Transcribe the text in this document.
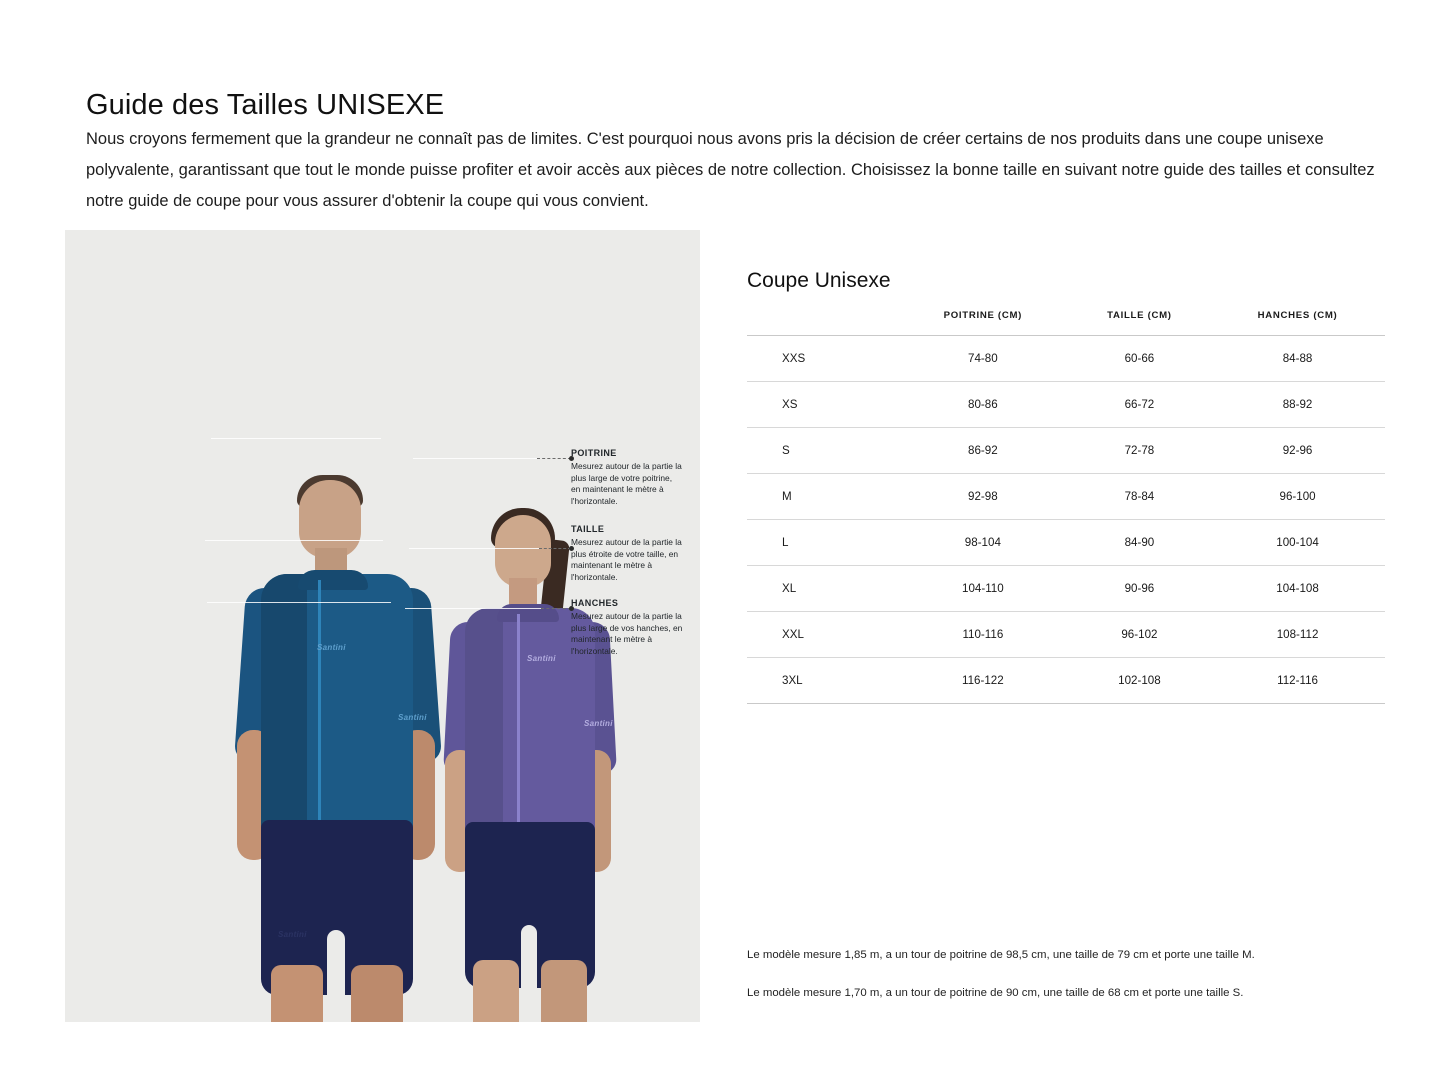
Guide des Tailles UNISEXE
Nous croyons fermement que la grandeur ne connaît pas de limites. C'est pourquoi nous avons pris la décision de créer certains de nos produits dans une coupe unisexe polyvalente, garantissant que tout le monde puisse profiter et avoir accès aux pièces de notre collection. Choisissez la bonne taille en suivant notre guide des tailles et consultez notre guide de coupe pour vous assurer d'obtenir la coupe qui vous convient.
Santini
Santini
Santini
Santini
Santini
POITRINE
Mesurez autour de la partie la plus large de votre poitrine, en maintenant le mètre à l'horizontale.
TAILLE
Mesurez autour de la partie la plus étroite de votre taille, en maintenant le mètre à l'horizontale.
HANCHES
Mesurez autour de la partie la plus large de vos hanches, en maintenant le mètre à l'horizontale.
Coupe Unisexe
	POITRINE (CM)	TAILLE (CM)	HANCHES (CM)
XXS	74-80	60-66	84-88
XS	80-86	66-72	88-92
S	86-92	72-78	92-96
M	92-98	78-84	96-100
L	98-104	84-90	100-104
XL	104-110	90-96	104-108
XXL	110-116	96-102	108-112
3XL	116-122	102-108	112-116

Le modèle mesure 1,85 m, a un tour de poitrine de 98,5 cm, une taille de 79 cm et porte une taille M.

Le modèle mesure 1,70 m, a un tour de poitrine de 90 cm, une taille de 68 cm et porte une taille S.
